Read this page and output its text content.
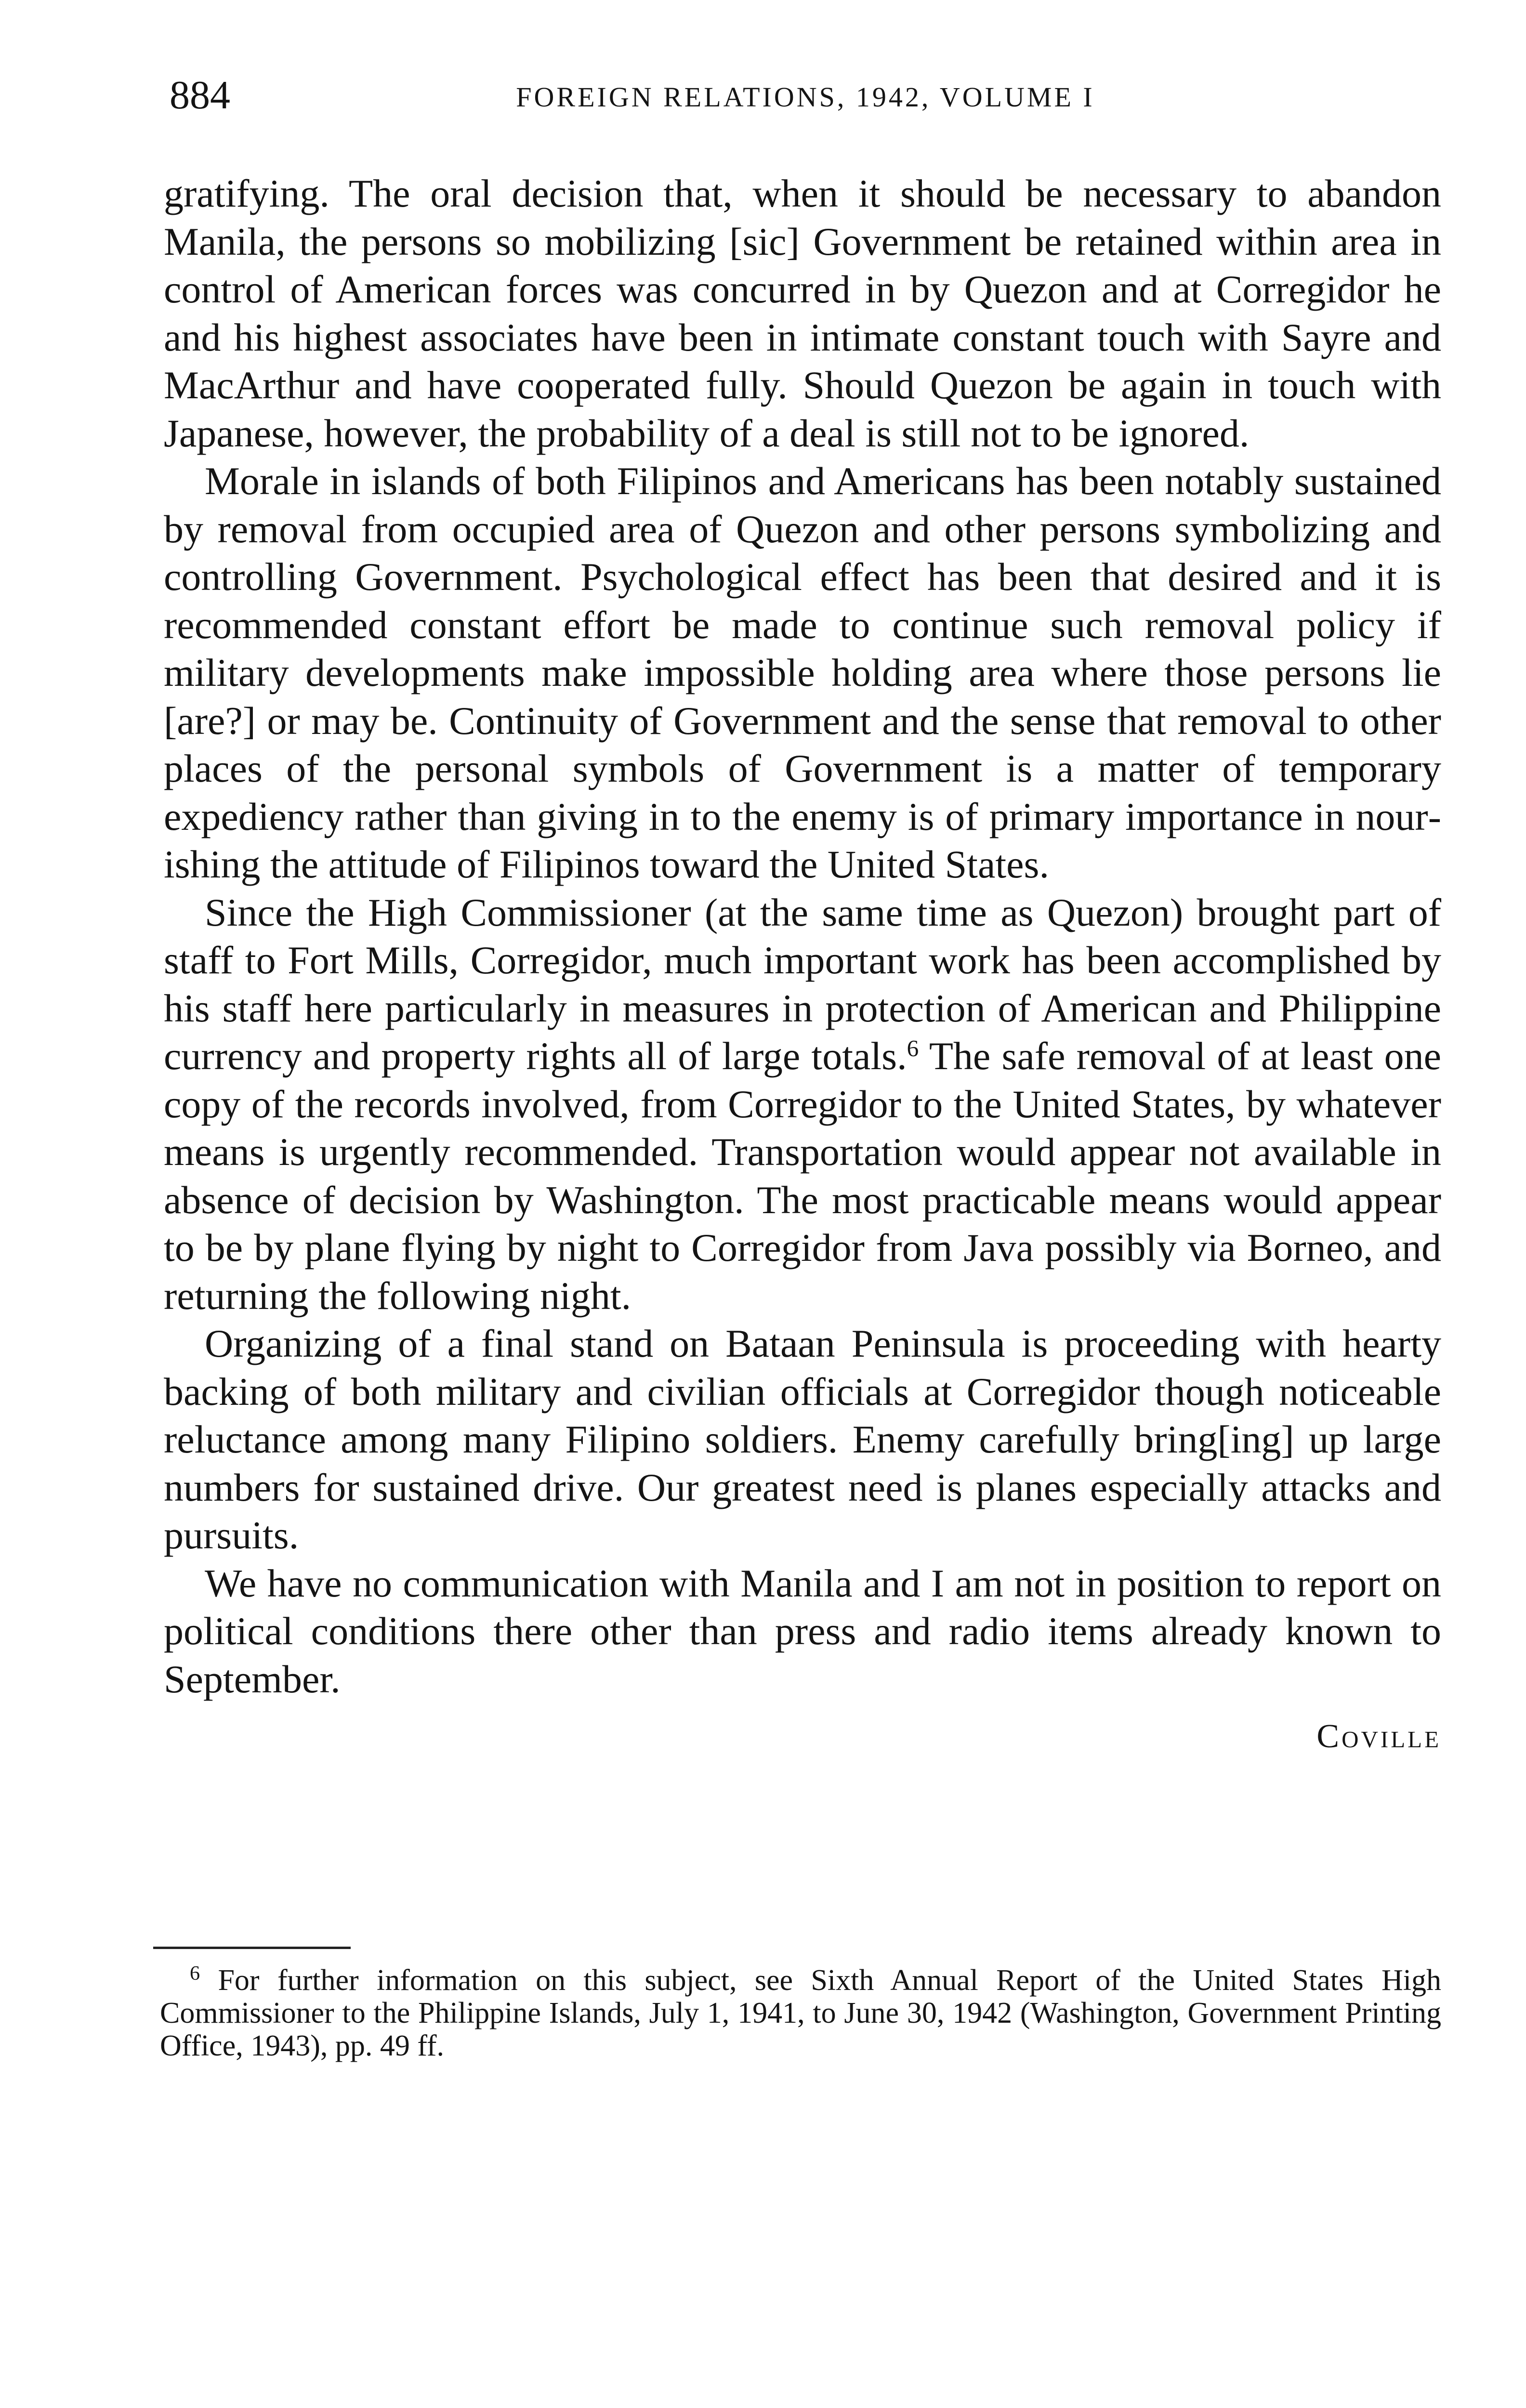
884	FOREIGN RELATIONS, 1942, VOLUME I

gratifying. The oral decision that, when it should be necessary to abandon Manila, the persons so mobilizing [sic] Government be retained within area in control of American forces was concurred in by Quezon and at Corregidor he and his highest associates have been in intimate constant touch with Sayre and MacArthur and have cooperated fully. Should Quezon be again in touch with Japanese, however, the probability of a deal is still not to be ignored.

Morale in islands of both Filipinos and Americans has been notably sustained by removal from occupied area of Quezon and other persons symbolizing and controlling Government. Psychological effect has been that desired and it is recommended constant effort be made to continue such removal policy if military developments make impossible holding area where those persons lie [are?] or may be. Continuity of Government and the sense that removal to other places of the personal symbols of Government is a matter of temporary expediency rather than giving in to the enemy is of primary importance in nourishing the attitude of Filipinos toward the United States.

Since the High Commissioner (at the same time as Quezon) brought part of staff to Fort Mills, Corregidor, much important work has been accomplished by his staff here particularly in measures in protection of American and Philippine currency and property rights all of large totals.$^6$ The safe removal of at least one copy of the records involved, from Corregidor to the United States, by whatever means is urgently recommended. Transportation would appear not available in absence of decision by Washington. The most practicable means would appear to be by plane flying by night to Corregidor from Java possibly via Borneo, and returning the following night.

Organizing of a final stand on Bataan Peninsula is proceeding with hearty backing of both military and civilian officials at Corregidor though noticeable reluctance among many Filipino soldiers. Enemy carefully bring[ing] up large numbers for sustained drive. Our greatest need is planes especially attacks and pursuits.

We have no communication with Manila and I am not in position to report on political conditions there other than press and radio items already known to September.

Coville

$^6$ For further information on this subject, see Sixth Annual Report of the United States High Commissioner to the Philippine Islands, July 1, 1941, to June 30, 1942 (Washington, Government Printing Office, 1943), pp. 49 ff.
